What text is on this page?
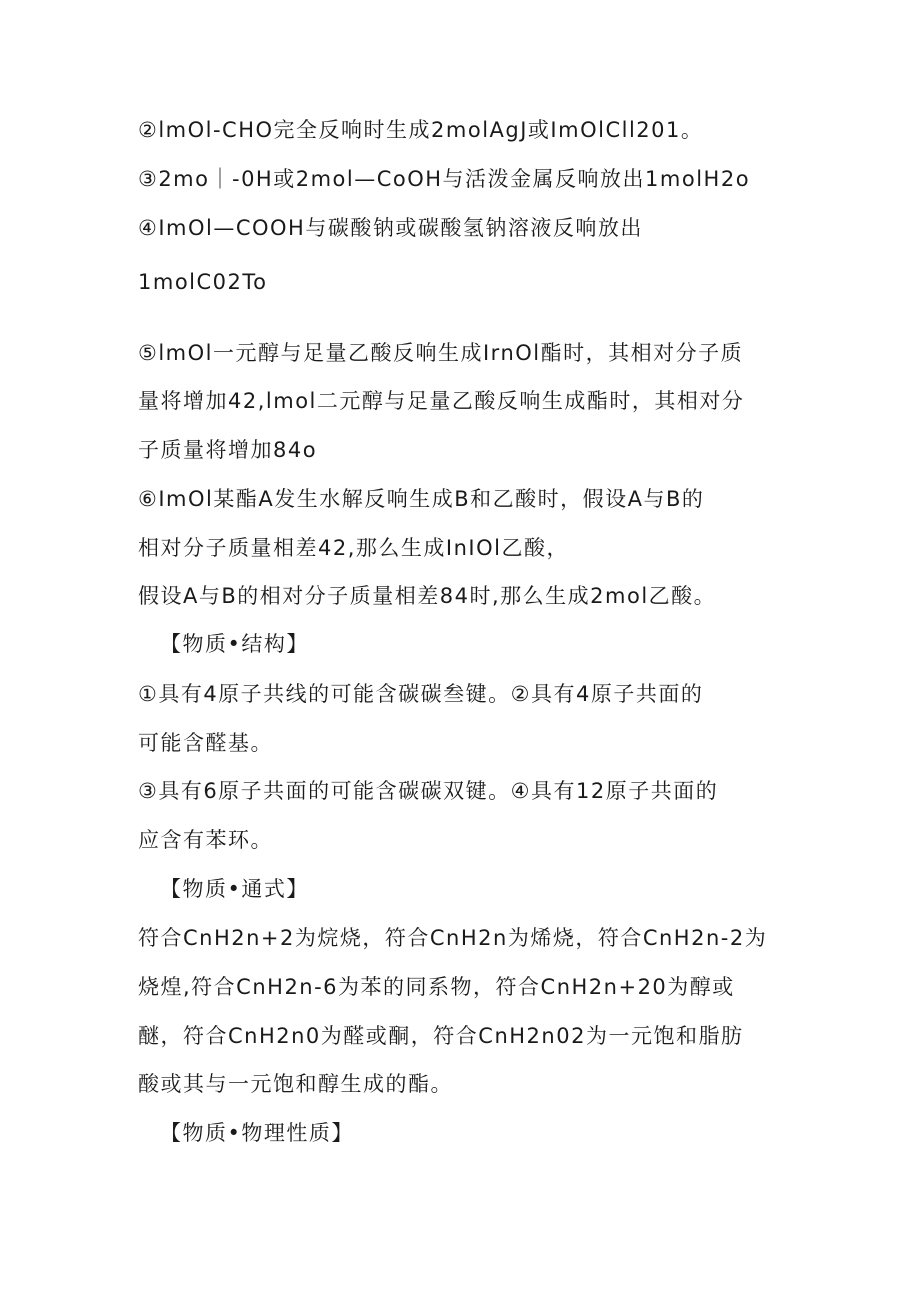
②lmOl-CHO完全反响时生成2molAgJ或ImOlCll201。
③2mo｜-0H或2mol—CoOH与活泼金属反响放出1molH2o
④ImOl—COOH与碳酸钠或碳酸氢钠溶液反响放出
1molC02To
⑤lmOl一元醇与足量乙酸反响生成IrnOl酯时，其相对分子质
量将增加42,lmol二元醇与足量乙酸反响生成酯时，其相对分
子质量将增加84o
⑥ImOl某酯A发生水解反响生成B和乙酸时，假设A与B的
相对分子质量相差42,那么生成InIOl乙酸，
假设A与B的相对分子质量相差84时,那么生成2mol乙酸。
【物质•结构】
①具有4原子共线的可能含碳碳叁键。②具有4原子共面的
可能含醛基。
③具有6原子共面的可能含碳碳双键。④具有12原子共面的
应含有苯环。
【物质•通式】
符合CnH2n+2为烷烧，符合CnH2n为烯烧，符合CnH2n-2为
烧煌,符合CnH2n-6为苯的同系物，符合CnH2n+20为醇或
醚，符合CnH2n0为醛或酮，符合CnH2n02为一元饱和脂肪
酸或其与一元饱和醇生成的酯。
【物质•物理性质】
